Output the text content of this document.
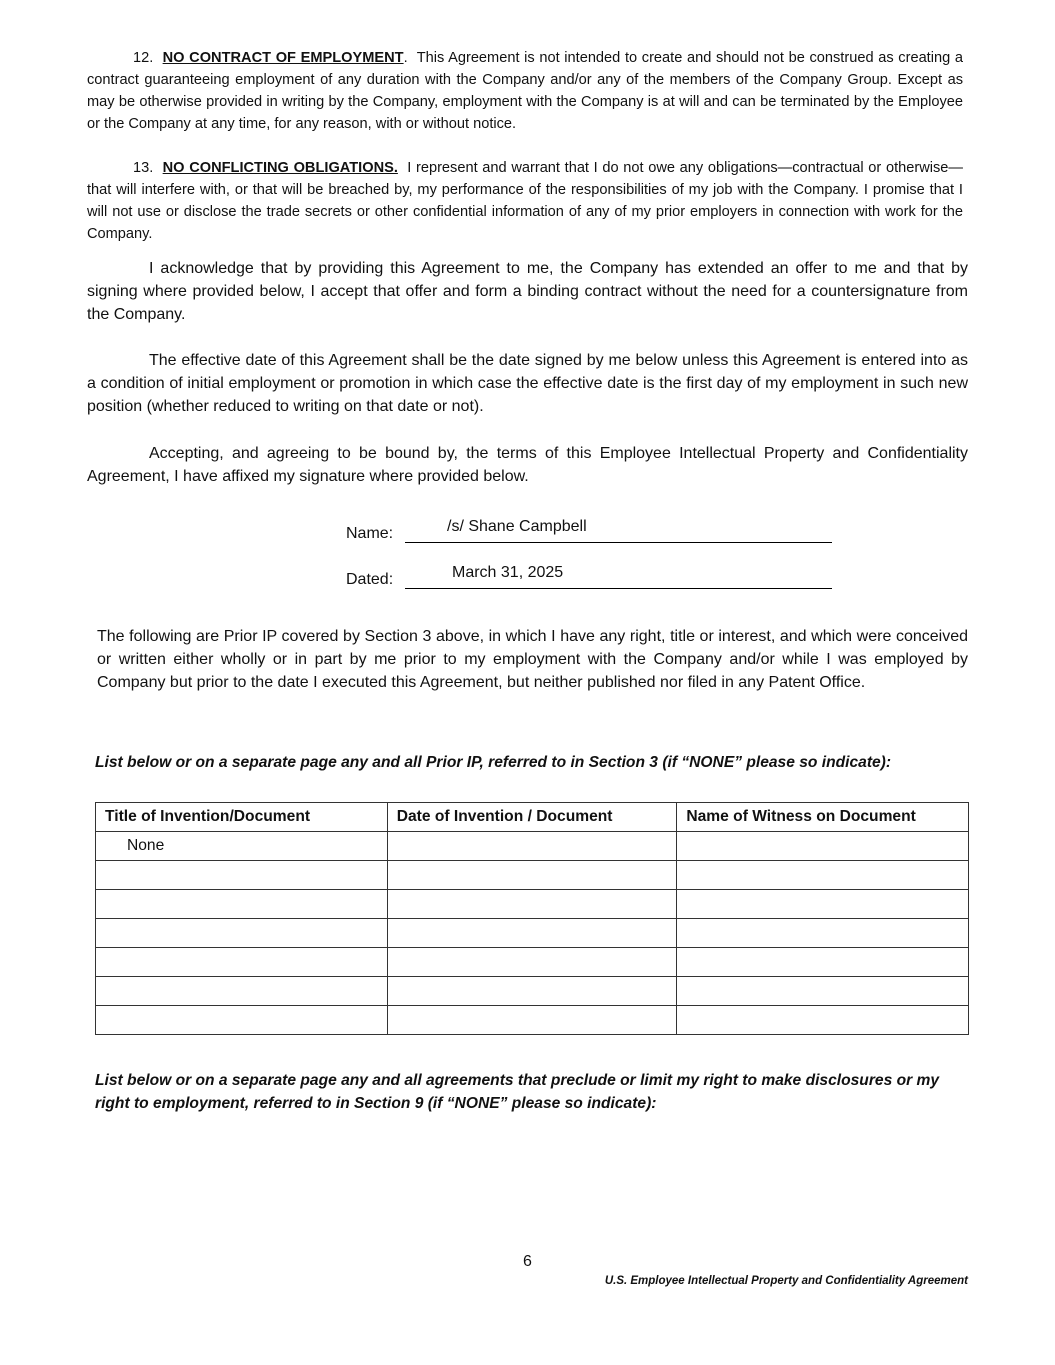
12. NO CONTRACT OF EMPLOYMENT.  This Agreement is not intended to create and should not be construed as creating a contract guaranteeing employment of any duration with the Company and/or any of the members of the Company Group. Except as may be otherwise provided in writing by the Company, employment with the Company is at will and can be terminated by the Employee or the Company at any time, for any reason, with or without notice.

13. NO CONFLICTING OBLIGATIONS. I represent and warrant that I do not owe any obligations—contractual or otherwise—that will interfere with, or that will be breached by, my performance of the responsibilities of my job with the Company. I promise that I will not use or disclose the trade secrets or other confidential information of any of my prior employers in connection with work for the Company.

I acknowledge that by providing this Agreement to me, the Company has extended an offer to me and that by signing where provided below, I accept that offer and form a binding contract without the need for a countersignature from the Company.

The effective date of this Agreement shall be the date signed by me below unless this Agreement is entered into as a condition of initial employment or promotion in which case the effective date is the first day of my employment in such new position (whether reduced to writing on that date or not).

Accepting, and agreeing to be bound by, the terms of this Employee Intellectual Property and Confidentiality Agreement, I have affixed my signature where provided below.

Name:	/s/ Shane Campbell
Dated:	March 31, 2025

The following are Prior IP covered by Section 3 above, in which I have any right, title or interest, and which were conceived or written either wholly or in part by me prior to my employment with the Company and/or while I was employed by Company but prior to the date I executed this Agreement, but neither published nor filed in any Patent Office.

List below or on a separate page any and all Prior IP, referred to in Section 3 (if “NONE” please so indicate):

Title of Invention/Document	Date of Invention / Document	Name of Witness on Document
None		

List below or on a separate page any and all agreements that preclude or limit my right to make disclosures or my right to employment, referred to in Section 9 (if “NONE” please so indicate):

6
U.S. Employee Intellectual Property and Confidentiality Agreement
